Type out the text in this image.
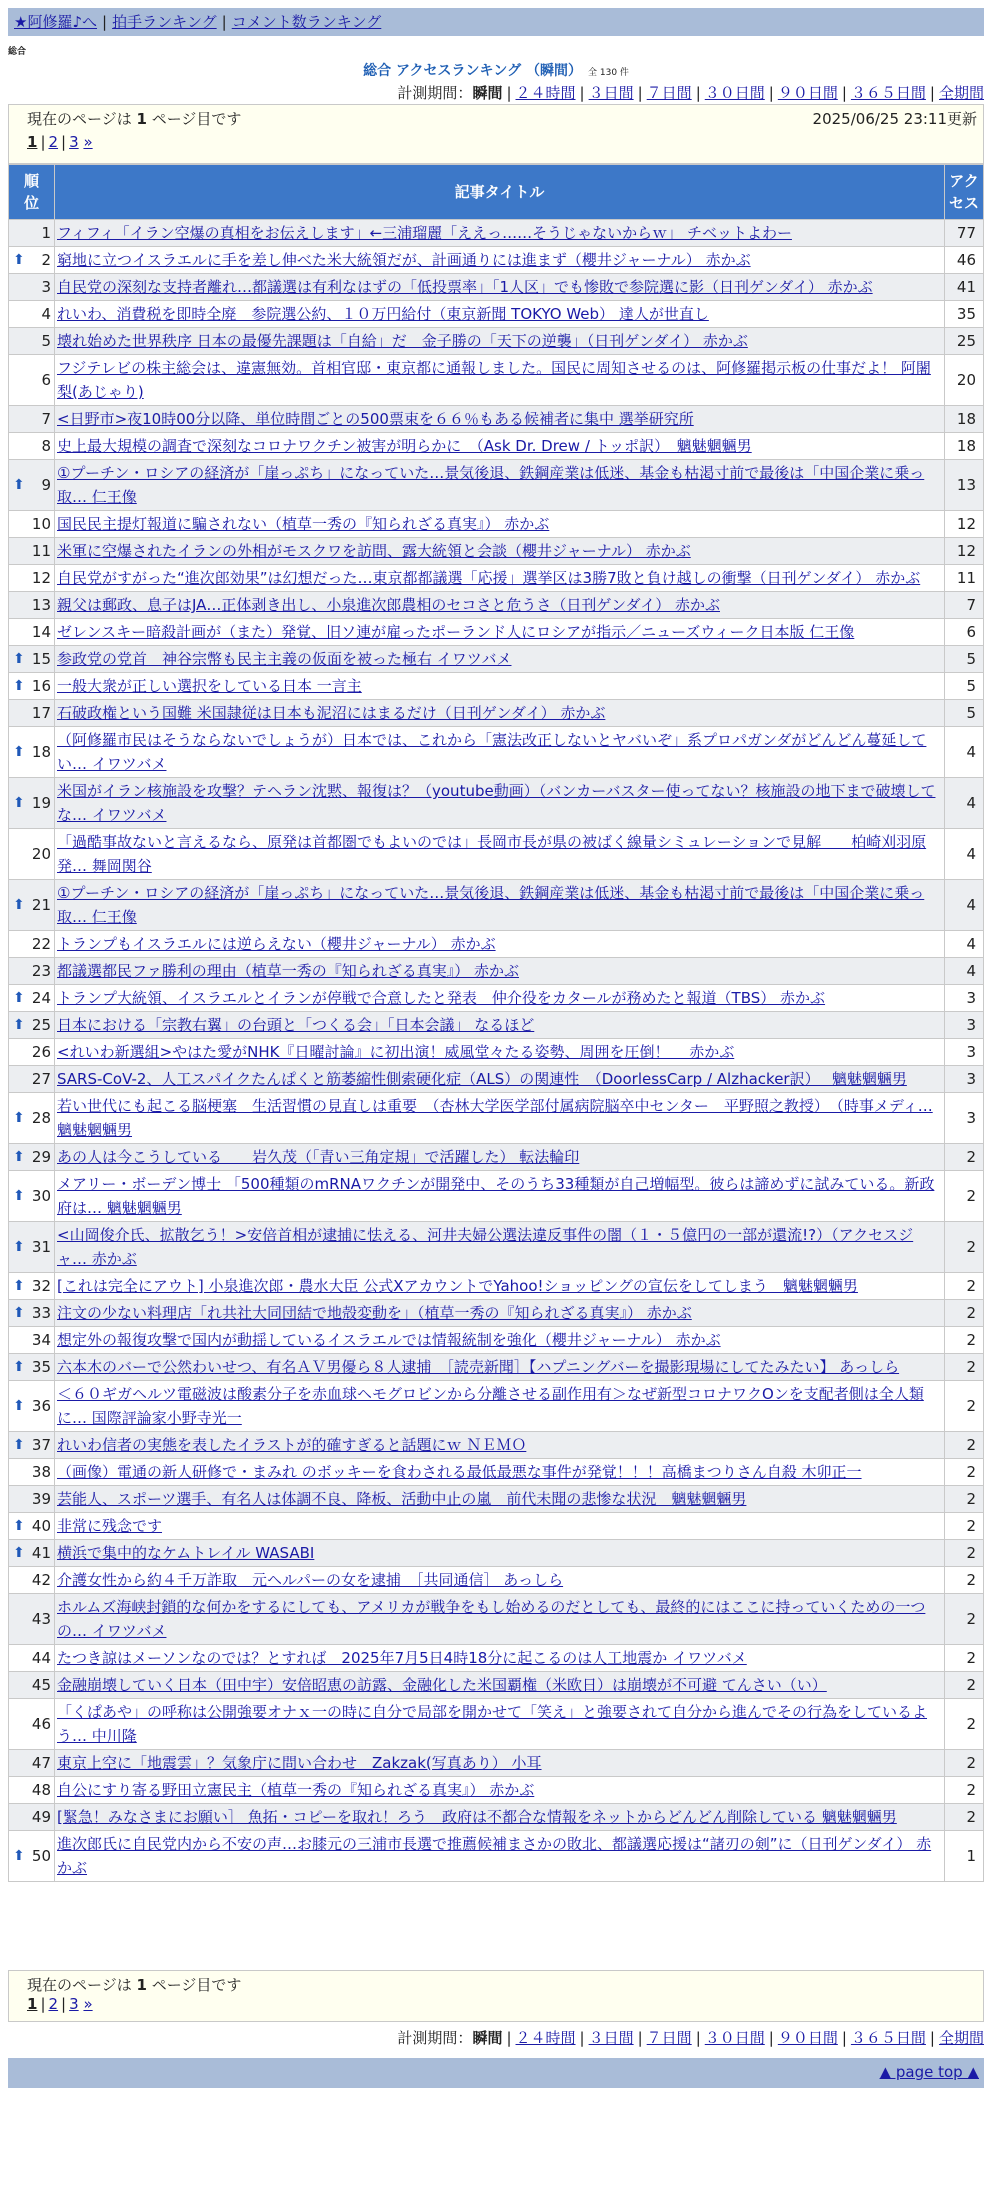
★阿修羅♪へ | 拍手ランキング | コメント数ランキング
総合
総合 アクセスランキング （瞬間） 全 130 件
計測期間：瞬間 | ２４時間 | ３日間 | ７日間 | ３０日間 | ９０日間 | ３６５日間 | 全期間
現在のページは 1 ページ目です	2025/06/25 23:11更新
1 | 2 | 3 »
順位	記事タイトル	アクセス
1	フィフィ「イラン空爆の真相をお伝えします」←三浦瑠麗「ええっ……そうじゃないからｗ」 チベットよわー	77

⬆ 2	窮地に立つイスラエルに手を差し伸べた米大統領だが、計画通りには進まず（櫻井ジャーナル） 赤かぶ	46
3	自民党の深刻な支持者離れ…都議選は有利なはずの「低投票率」「1人区」でも惨敗で参院選に影（日刊ゲンダイ） 赤かぶ	41
4	れいわ、消費税を即時全廃　参院選公約、１０万円給付（東京新聞 TOKYO Web） 達人が世直し	35
5	壊れ始めた世界秩序 日本の最優先課題は「自給」だ　金子勝の「天下の逆襲」（日刊ゲンダイ） 赤かぶ	25
6	フジテレビの株主総会は、違憲無効。首相官邸・東京都に通報しました。国民に周知させるのは、阿修羅掲示板の仕事だよ！ 阿闍梨(あじゃり)	20
7	<日野市>夜10時00分以降、単位時間ごとの500票束を６６％もある候補者に集中 選挙研究所	18
8	史上最大規模の調査で深刻なコロナワクチン被害が明らかに　（Ask Dr. Drew / トッポ訳）　魑魅魍魎男	18

⬆ 9	①プーチン・ロシアの経済が「崖っぷち」になっていた…景気後退、鉄鋼産業は低迷、基金も枯渇寸前で最後は「中国企業に乗っ取… 仁王像	13
10	国民民主提灯報道に騙されない（植草一秀の『知られざる真実』） 赤かぶ	12
11	米軍に空爆されたイランの外相がモスクワを訪問、露大統領と会談（櫻井ジャーナル） 赤かぶ	12
12	自民党がすがった“進次郎効果”は幻想だった…東京都都議選「応援」選挙区は3勝7敗と負け越しの衝撃（日刊ゲンダイ） 赤かぶ	11
13	親父は郵政、息子はJA…正体剥き出し、小泉進次郎農相のセコさと危うさ（日刊ゲンダイ） 赤かぶ	7
14	ゼレンスキー暗殺計画が（また）発覚、旧ソ連が雇ったポーランド人にロシアが指示／ニューズウィーク日本版 仁王像	6

⬆ 15	参政党の党首　神谷宗幣も民主主義の仮面を被った極右 イワツバメ	5

⬆ 16	一般大衆が正しい選択をしている日本 一言主	5
17	石破政権という国難 米国隷従は日本も泥沼にはまるだけ（日刊ゲンダイ） 赤かぶ	5

⬆ 18	（阿修羅市民はそうならないでしょうが）日本では、これから「憲法改正しないとヤバいぞ」系プロパガンダがどんどん蔓延してい… イワツバメ	4

⬆ 19	米国がイラン核施設を攻撃？テヘラン沈黙、報復は？（youtube動画）（バンカーバスター使ってない？核施設の地下まで破壊してな… イワツバメ	4
20	「過酷事故ないと言えるなら、原発は首都圏でもよいのでは」長岡市長が県の被ばく線量シミュレーションで見解　　柏崎刈羽原発… 舞岡関谷	4

⬆ 21	①プーチン・ロシアの経済が「崖っぷち」になっていた…景気後退、鉄鋼産業は低迷、基金も枯渇寸前で最後は「中国企業に乗っ取… 仁王像	4
22	トランプもイスラエルには逆らえない（櫻井ジャーナル） 赤かぶ	4
23	都議選都民ファ勝利の理由（植草一秀の『知られざる真実』） 赤かぶ	4

⬆ 24	トランプ大統領、イスラエルとイランが停戦で合意したと発表　仲介役をカタールが務めたと報道（TBS） 赤かぶ	3

⬆ 25	日本における「宗教右翼」の台頭と「つくる会」「日本会議」 なるほど	3
26	<れいわ新選組>やはた愛がNHK『日曜討論』に初出演！威風堂々たる姿勢、周囲を圧倒！　 赤かぶ	3
27	SARS-CoV-2、人工スパイクたんぱくと筋萎縮性側索硬化症（ALS）の関連性　（DoorlessCarp / Alzhacker訳）　 魑魅魍魎男	3

⬆ 28	若い世代にも起こる脳梗塞　生活習慣の見直しは重要　（杏林大学医学部付属病院脳卒中センター　平野照之教授）　（時事メディ… 魑魅魍魎男	3

⬆ 29	あの人は今こうしている　　岩久茂（「青い三角定規」で活躍した） 転法輪印	2

⬆ 30	メアリー・ボーデン博士 「500種類のmRNAワクチンが開発中、そのうち33種類が自己増幅型。彼らは諦めずに試みている。新政府は… 魑魅魍魎男	2

⬆ 31	<山岡俊介氏、拡散乞う！>安倍首相が逮捕に怯える、河井夫婦公選法違反事件の闇（１・５億円の一部が還流!?）（アクセスジャ… 赤かぶ	2

⬆ 32	[これは完全にアウト] 小泉進次郎・農水大臣 公式XアカウントでYahoo!ショッピングの宣伝をしてしまう　魑魅魍魎男	2

⬆ 33	注文の少ない料理店「れ共社大同団結で地殻変動を」（植草一秀の『知られざる真実』） 赤かぶ	2
34	想定外の報復攻撃で国内が動揺しているイスラエルでは情報統制を強化（櫻井ジャーナル） 赤かぶ	2

⬆ 35	六本木のバーで公然わいせつ、有名ＡＶ男優ら８人逮捕　［読売新聞］【ハプニングバーを撮影現場にしてたみたい】 あっしら	2

⬆ 36	＜６０ギガヘルツ電磁波は酸素分子を赤血球ヘモグロビンから分離させる副作用有＞なぜ新型コロナワクOンを支配者側は全人類に… 国際評論家小野寺光一	2

⬆ 37	れいわ信者の実態を表したイラストが的確すぎると話題にｗ ＮＥＭＯ	2
38	（画像）電通の新人研修で・まみれ のボッキーを食わされる最低最悪な事件が発覚！！！高橋まつりさん自殺 木卯正一	2
39	芸能人、スポーツ選手、有名人は体調不良、降板、活動中止の嵐　前代未聞の悲惨な状況　魑魅魍魎男	2

⬆ 40	非常に残念です	2

⬆ 41	横浜で集中的なケムトレイル WASABI	2
42	介護女性から約４千万詐取　元ヘルパーの女を逮捕　［共同通信］ あっしら	2
43	ホルムズ海峡封鎖的な何かをするにしても、アメリカが戦争をもし始めるのだとしても、最終的にはここに持っていくための一つの… イワツバメ	2
44	たつき諒はメーソンなのでは？とすれば　2025年7月5日4時18分に起こるのは人工地震か イワツバメ	2
45	金融崩壊していく日本（田中宇）安倍昭恵の訪露、金融化した米国覇権（米欧日）は崩壊が不可避 てんさい（い）	2
46	「くぱあや」の呼称は公開強要オナｘ一の時に自分で局部を開かせて「笑え」と強要されて自分から進んでその行為をしているよう… 中川隆	2
47	東京上空に「地震雲」？気象庁に問い合わせ　Zakzak(写真あり） 小耳	2
48	自公にすり寄る野田立憲民主（植草一秀の『知られざる真実』） 赤かぶ	2
49	[緊急！みなさまにお願い］ 魚拓・コピーを取れ！ろう　政府は不都合な情報をネットからどんどん削除している 魑魅魍魎男	2

⬆ 50	進次郎氏に自民党内から不安の声…お膝元の三浦市長選で推薦候補まさかの敗北、都議選応援は“諸刃の剣”に（日刊ゲンダイ） 赤かぶ	1
現在のページは 1 ページ目です
1 | 2 | 3 »
計測期間：瞬間 | ２４時間 | ３日間 | ７日間 | ３０日間 | ９０日間 | ３６５日間 | 全期間
▲ page top ▲
